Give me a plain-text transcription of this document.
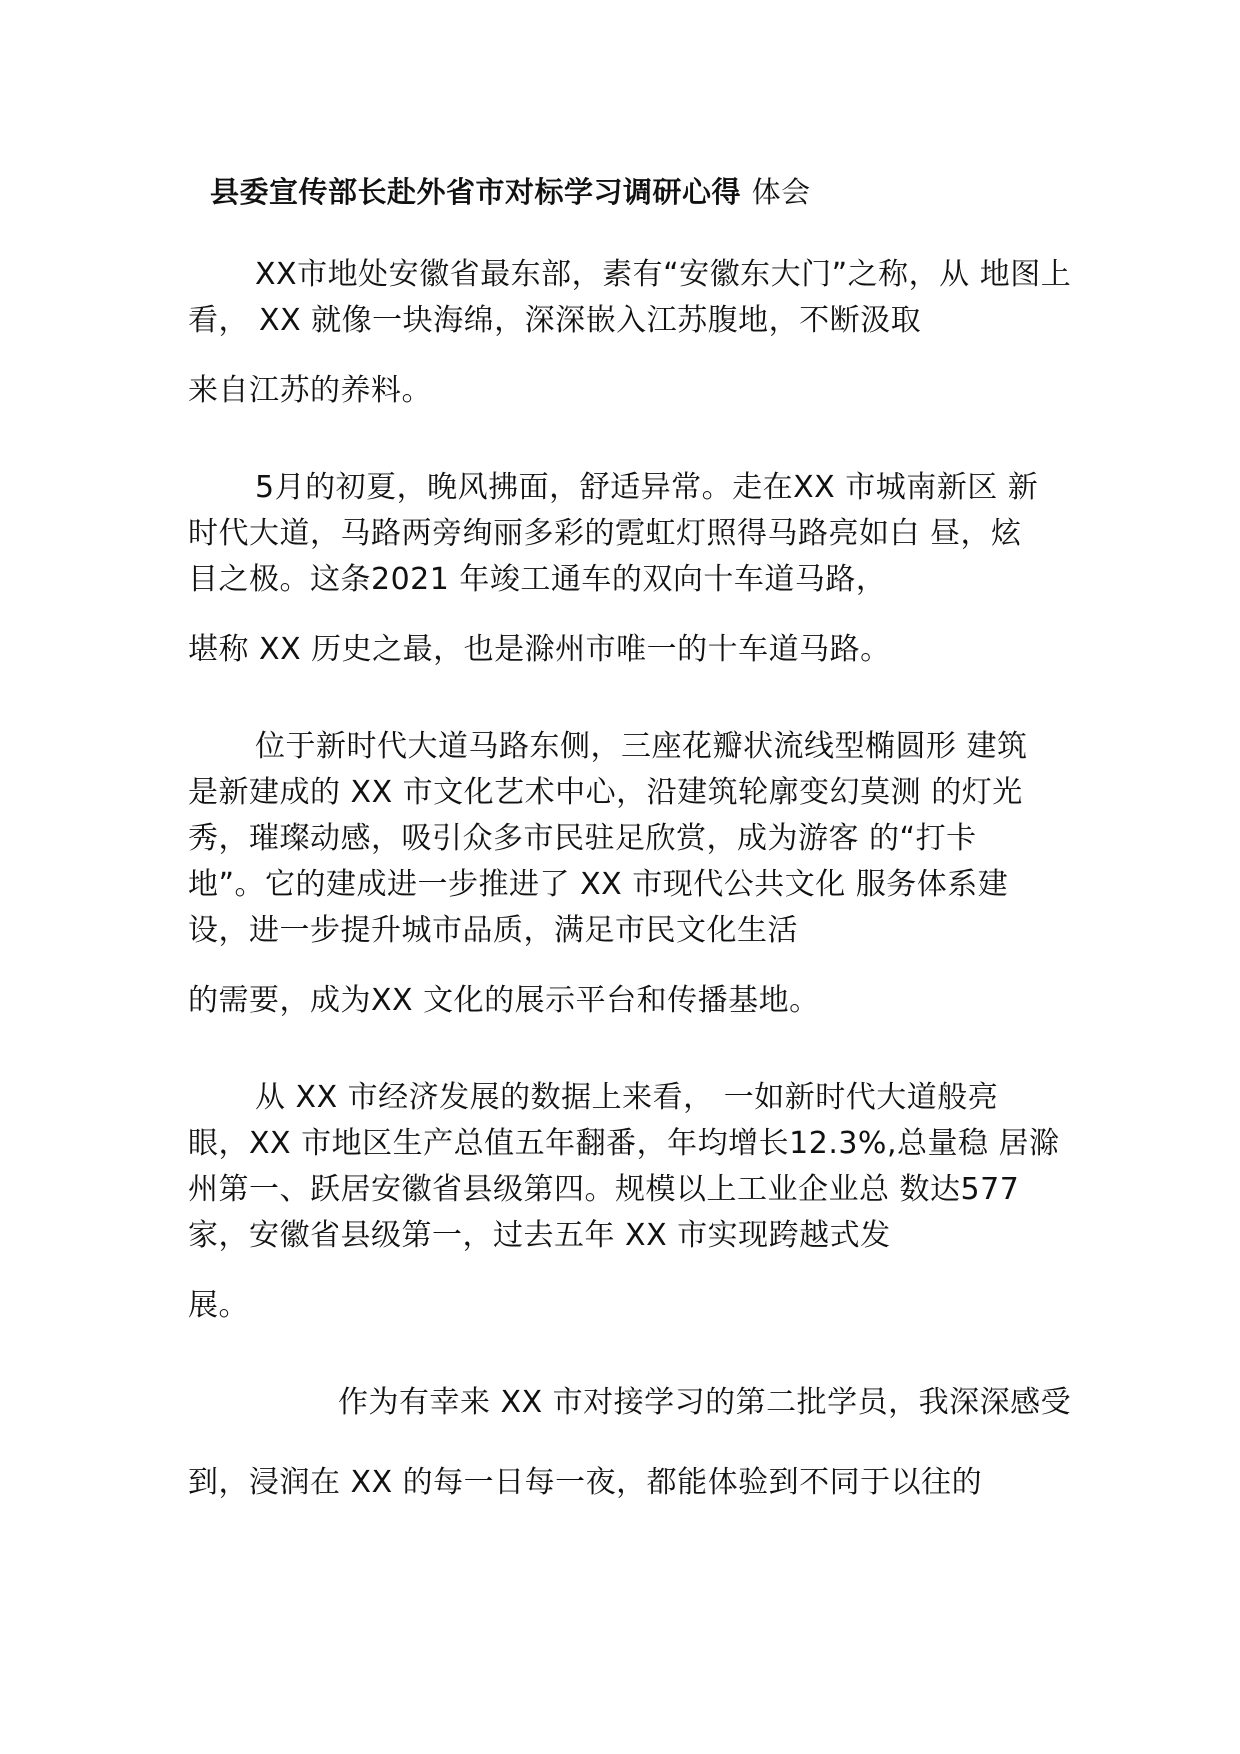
县委宣传部长赴外省市对标学习调研心得 体会

XX市地处安徽省最东部，素有“安徽东大门”之称，从 地图上

看， XX 就像一块海绵，深深嵌入江苏腹地，不断汲取

来自江苏的养料。

5月的初夏，晚风拂面，舒适异常。走在XX 市城南新区 新

时代大道，马路两旁绚丽多彩的霓虹灯照得马路亮如白 昼，炫

目之极。这条2021 年竣工通车的双向十车道马路，

堪称 XX 历史之最，也是滁州市唯一的十车道马路。

位于新时代大道马路东侧，三座花瓣状流线型椭圆形 建筑

是新建成的 XX 市文化艺术中心，沿建筑轮廓变幻莫测 的灯光

秀，璀璨动感，吸引众多市民驻足欣赏，成为游客 的“打卡

地”。它的建成进一步推进了 XX 市现代公共文化 服务体系建

设，进一步提升城市品质，满足市民文化生活

的需要，成为XX 文化的展示平台和传播基地。

从 XX 市经济发展的数据上来看， 一如新时代大道般亮

眼，XX 市地区生产总值五年翻番，年均增长12.3%,总量稳 居滁

州第一、跃居安徽省县级第四。规模以上工业企业总 数达577

家，安徽省县级第一，过去五年 XX 市实现跨越式发

展。

作为有幸来 XX 市对接学习的第二批学员，我深深感受

到，浸润在 XX 的每一日每一夜，都能体验到不同于以往的
